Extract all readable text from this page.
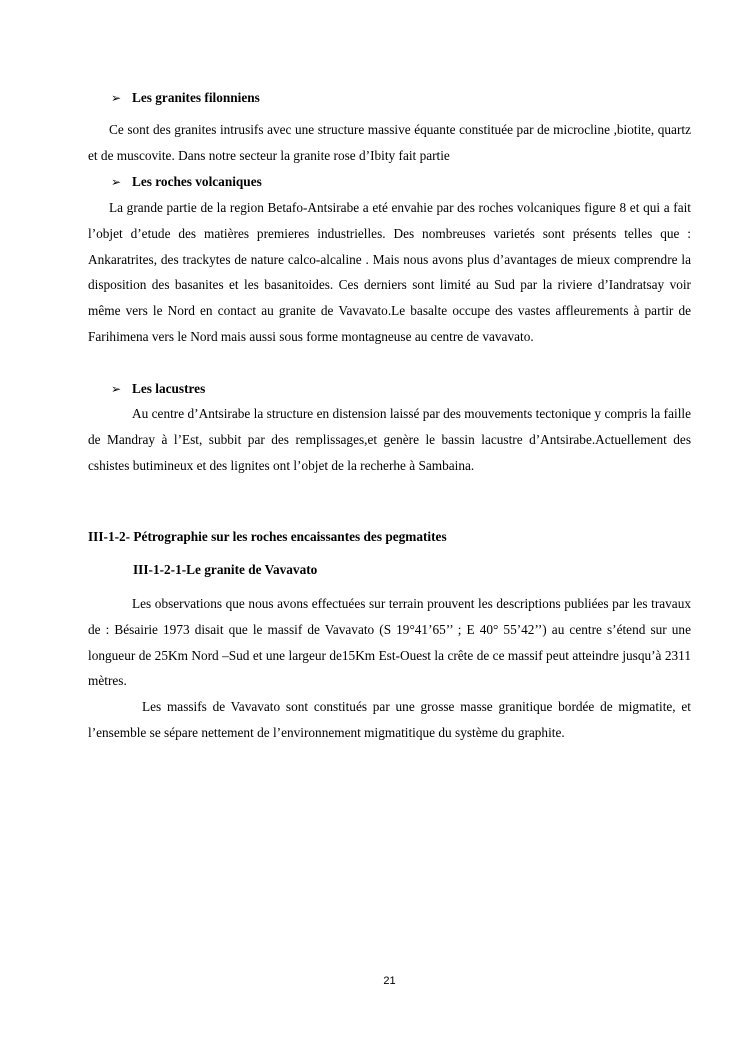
➢ Les granites filonniens
Ce sont des granites intrusifs avec une structure massive équante constituée par de microcline ,biotite, quartz et de muscovite. Dans notre secteur la granite rose d’Ibity fait partie
➢ Les roches volcaniques
La grande partie de la region Betafo-Antsirabe a eté envahie par des roches volcaniques figure 8 et qui a fait l’objet d’etude des matières premieres industrielles. Des nombreuses varietés sont présents telles que : Ankaratrites, des trackytes de nature calco-alcaline . Mais nous avons plus d’avantages de mieux comprendre la disposition des basanites et les basanitoides. Ces derniers sont limité au Sud par la riviere d’Iandratsay voir même vers le Nord en contact au granite de Vavavato.Le basalte occupe des vastes affleurements à partir de Farihimena vers le Nord mais aussi sous forme montagneuse au centre de vavavato.
➢ Les lacustres
Au centre d’Antsirabe la structure en distension laissé par des mouvements tectonique y compris la faille de Mandray à l’Est, subbit par des remplissages,et genère le bassin lacustre d’Antsirabe.Actuellement des cshistes butimineux et des lignites ont l’objet de la recherhe à Sambaina.
III-1-2- Pétrographie sur les roches encaissantes des pegmatites
III-1-2-1-Le granite de Vavavato
Les observations que nous avons effectuées sur terrain prouvent les descriptions publiées par les travaux de : Bésairie 1973 disait que le massif de Vavavato (S 19°41’65’’ ; E 40° 55’42’’) au centre s’étend sur une longueur de 25Km Nord –Sud et une largeur de15Km Est-Ouest la crête de ce massif peut atteindre jusqu’à 2311 mètres.
Les massifs de Vavavato sont constitués par une grosse masse granitique bordée de migmatite, et l’ensemble se sépare nettement de l’environnement migmatitique du système du graphite.
21
